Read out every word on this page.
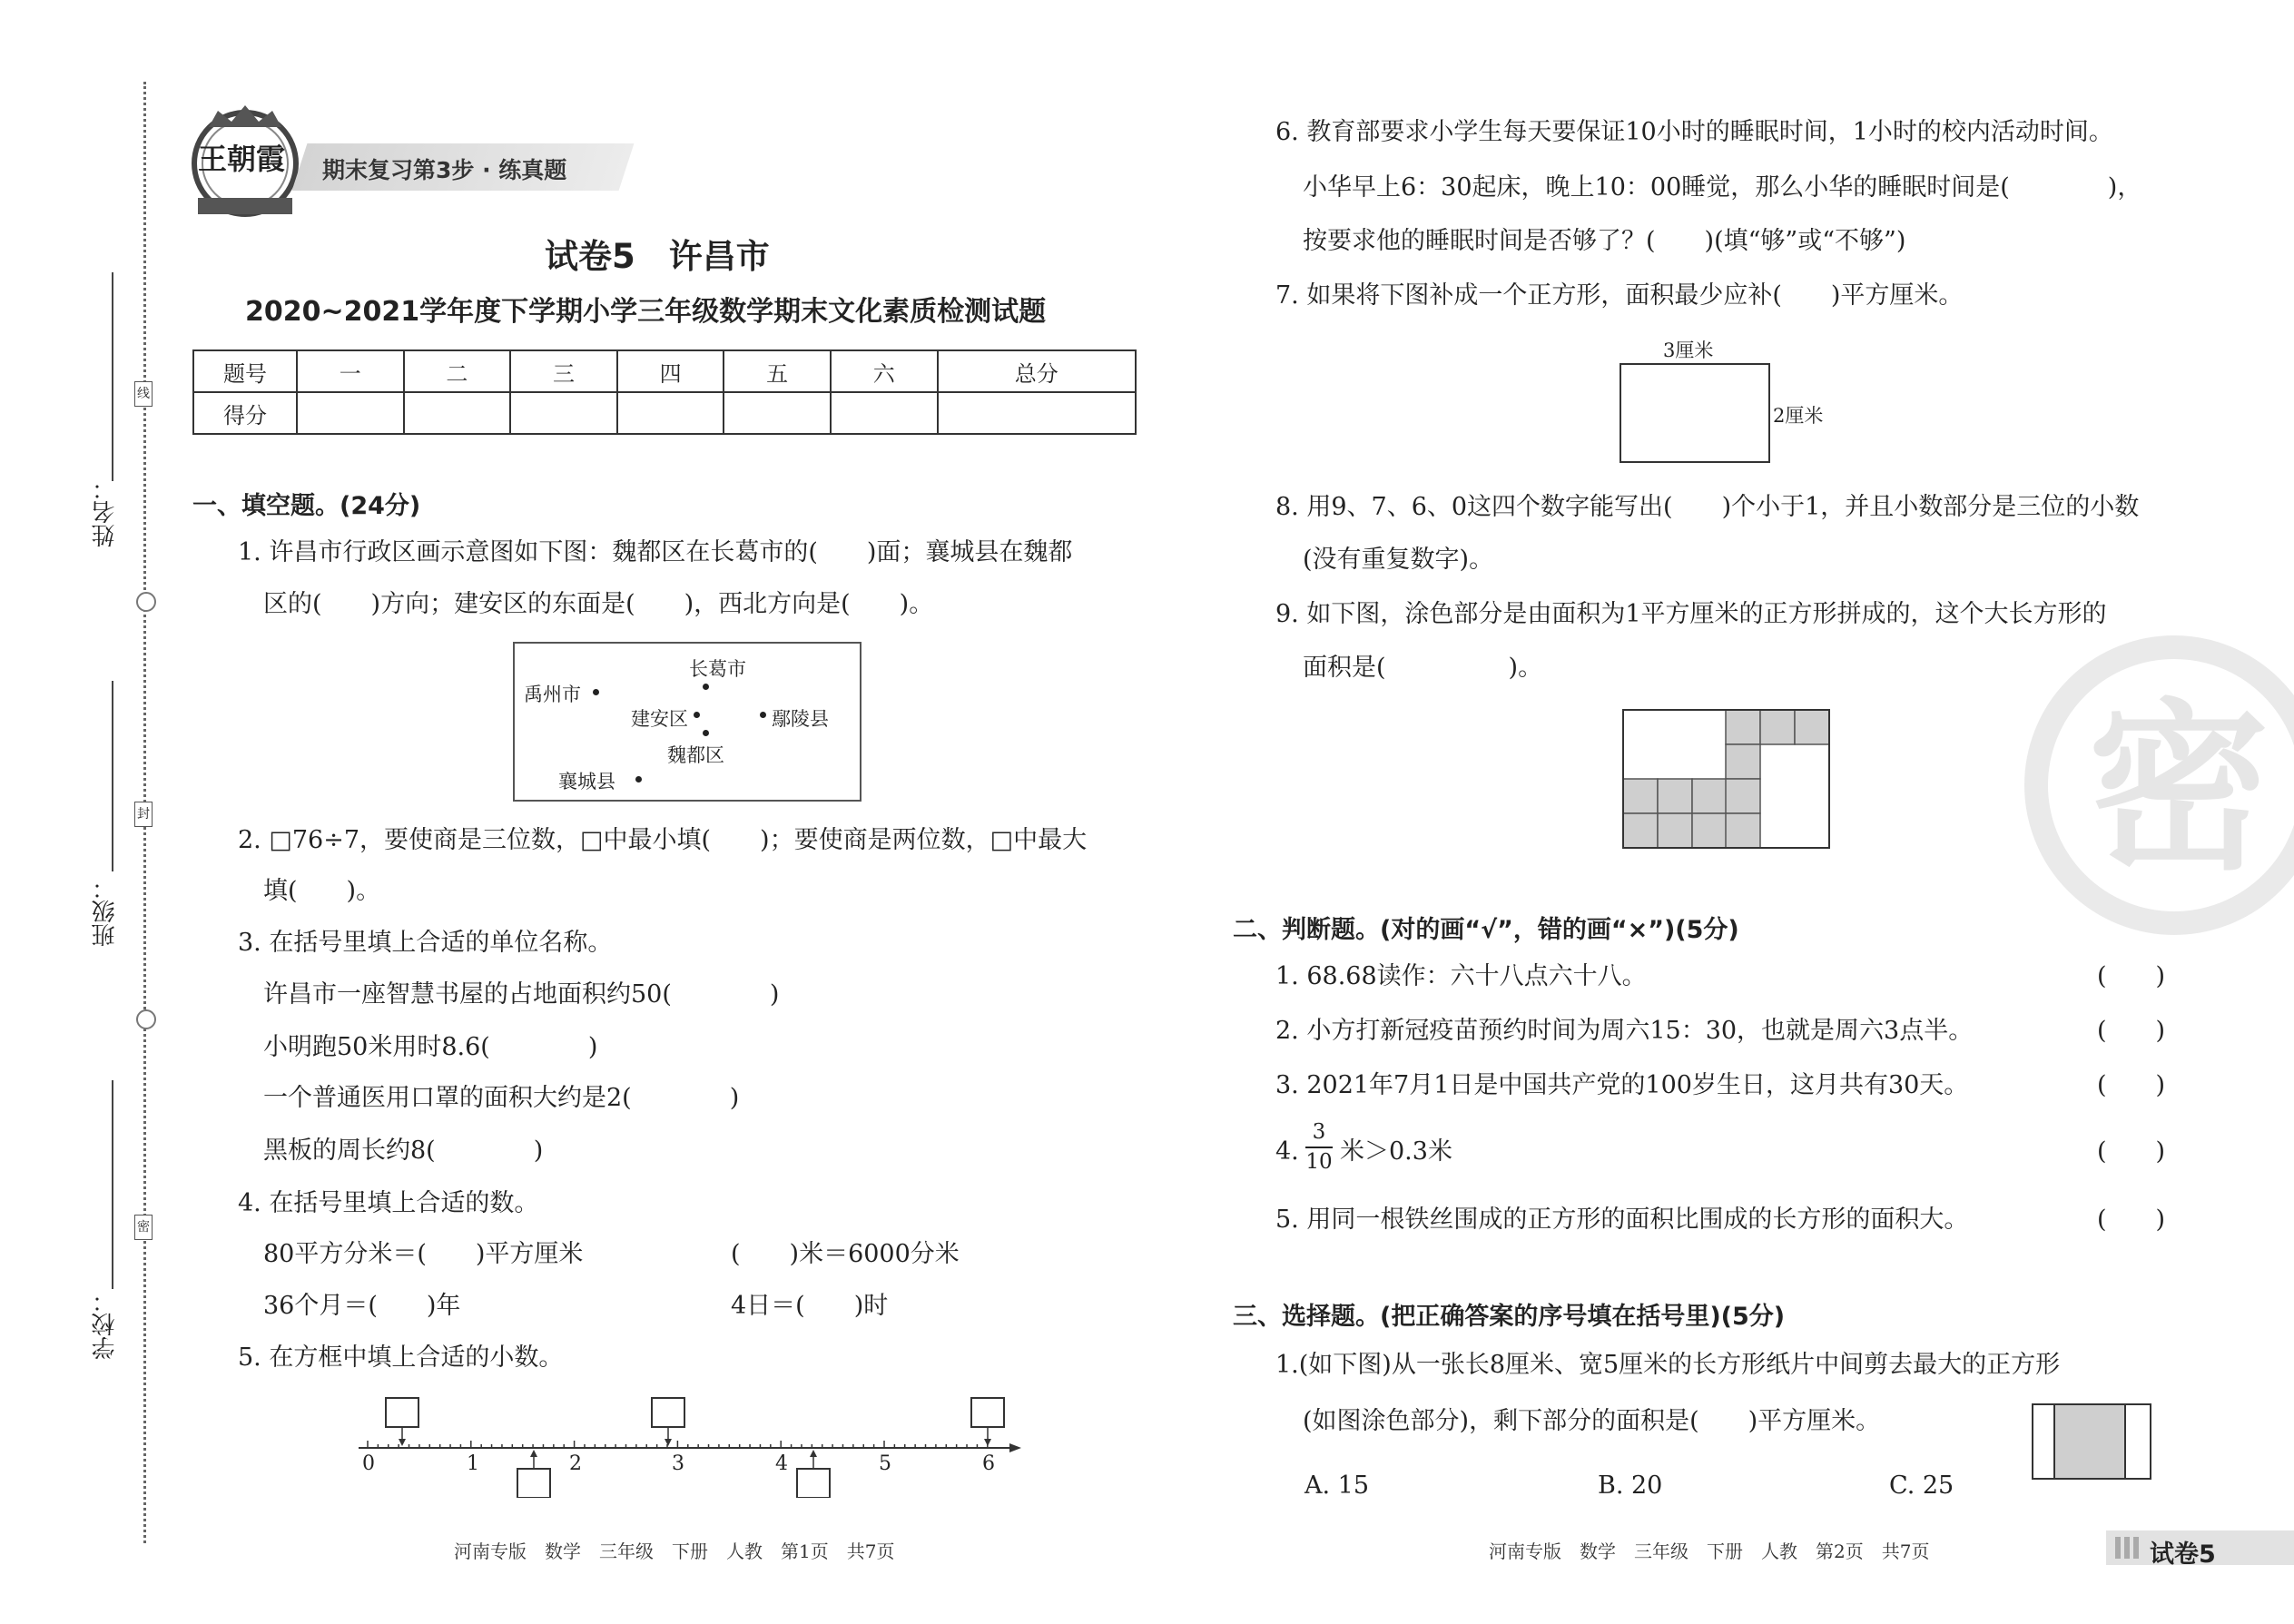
姓名：
班级：
学校：
线
封
密
王朝霞 期末复习第3步 · 练真题
试卷5　许昌市
2020~2021学年度下学期小学三年级数学期末文化素质检测试题
题号	一	二	三	四	五	六	总分
得分							
一、填空题。(24分)
1. 许昌市行政区画示意图如下图：魏都区在长葛市的(　　)面；襄城县在魏都
区的(　　)方向；建安区的东面是(　　)，西北方向是(　　)。
长葛市
禹州市
建安区	鄢陵县
魏都区
襄城县
2. □76÷7，要使商是三位数，□中最小填(　　)；要使商是两位数，□中最大
填(　　)。
3. 在括号里填上合适的单位名称。
许昌市一座智慧书屋的占地面积约50(　　　　)
小明跑50米用时8.6(　　　　)
一个普通医用口罩的面积大约是2(　　　　)
黑板的周长约8(　　　　)
4. 在括号里填上合适的数。
80平方分米＝(　　)平方厘米	(　　)米＝6000分米
36个月＝(　　)年	4日＝(　　)时
5. 在方框中填上合适的小数。
0	1	2	3	4	5	6
河南专版　数学　三年级　下册　人教　第1页　共7页
6. 教育部要求小学生每天要保证10小时的睡眠时间，1小时的校内活动时间。
小华早上6：30起床，晚上10：00睡觉，那么小华的睡眠时间是(　　　　)，
按要求他的睡眠时间是否够了？(　　)(填“够”或“不够”)
7. 如果将下图补成一个正方形，面积最少应补(　　)平方厘米。
3厘米
2厘米
8. 用9、7、6、0这四个数字能写出(　　)个小于1，并且小数部分是三位的小数
(没有重复数字)。
9. 如下图，涂色部分是由面积为1平方厘米的正方形拼成的，这个大长方形的
面积是(　　　　　)。
密
二、判断题。(对的画“√”，错的画“×”)(5分)
1. 68.68读作：六十八点六十八。	(　　)
2. 小方打新冠疫苗预约时间为周六15：30，也就是周六3点半。	(　　)
3. 2021年7月1日是中国共产党的100岁生日，这月共有30天。	(　　)
4.
3
10 米＞0.3米	(　　)
5. 用同一根铁丝围成的正方形的面积比围成的长方形的面积大。	(　　)
三、选择题。(把正确答案的序号填在括号里)(5分)
1.(如下图)从一张长8厘米、宽5厘米的长方形纸片中间剪去最大的正方形
(如图涂色部分)，剩下部分的面积是(　　)平方厘米。
A. 15	B. 20	C. 25
河南专版　数学　三年级　下册　人教　第2页　共7页	试卷5
